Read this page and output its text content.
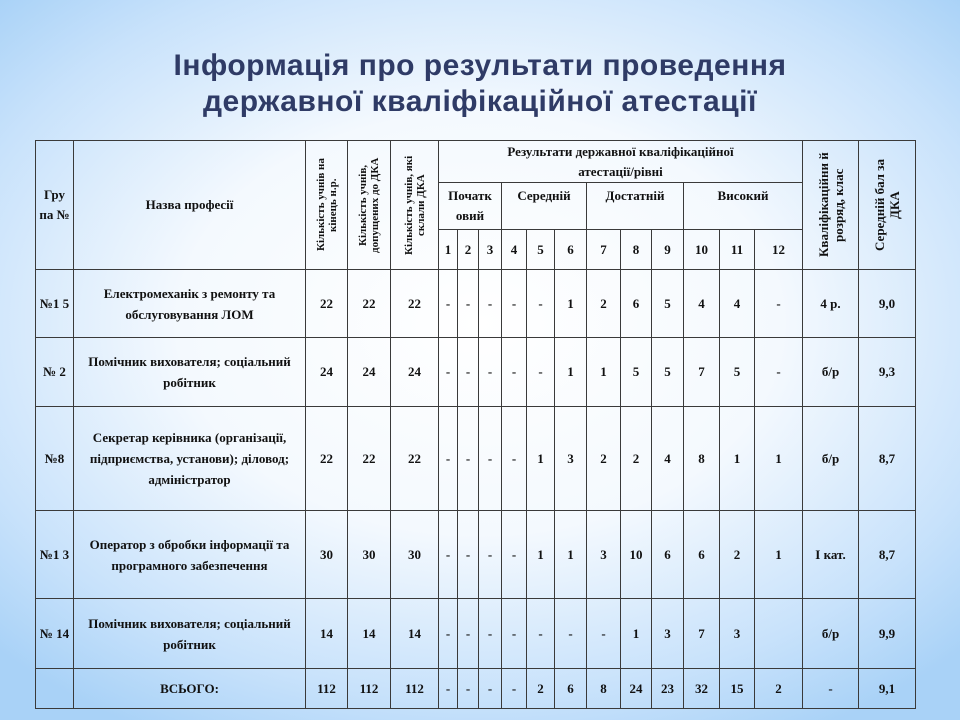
Інформація про результати проведення
державної кваліфікаційної атестації
Гру па №	Назва професії	Кількість учнів на кінець н.р.	Кількість учнів, допущених до ДКА	Кількість учнів, які склали ДКА	Результати державної кваліфікаційної атестації/рівні												Кваліфікаційни й розряд, клас	Середній бал за ДКА

					Початк овий			Середній			Достатній			Високий				

					1	2	3	4	5	6	7	8	9	10	11	12		

№1 5	Електромеханік з ремонту та обслуговування ЛОМ	22	22	22	-	-	-	-	-	1	2	6	5	4	4	-	4 р.	9,0

№ 2	Помічник вихователя; соціальний робітник	24	24	24	-	-	-	-	-	1	1	5	5	7	5	-	б/р	9,3

№8	Секретар керівника (організації, підприємства, установи); діловод; адміністратор	22	22	22	-	-	-	-	1	3	2	2	4	8	1	1	б/р	8,7

№1 3	Оператор з обробки інформації та програмного забезпечення	30	30	30	-	-	-	-	1	1	3	10	6	6	2	1	І кат.	8,7

№ 14	Помічник вихователя; соціальний робітник	14	14	14	-	-	-	-	-	-	-	1	3	7	3		б/р	9,9

	ВСЬОГО:	112	112	112	-	-	-	-	2	6	8	24	23	32	15	2	-	9,1
